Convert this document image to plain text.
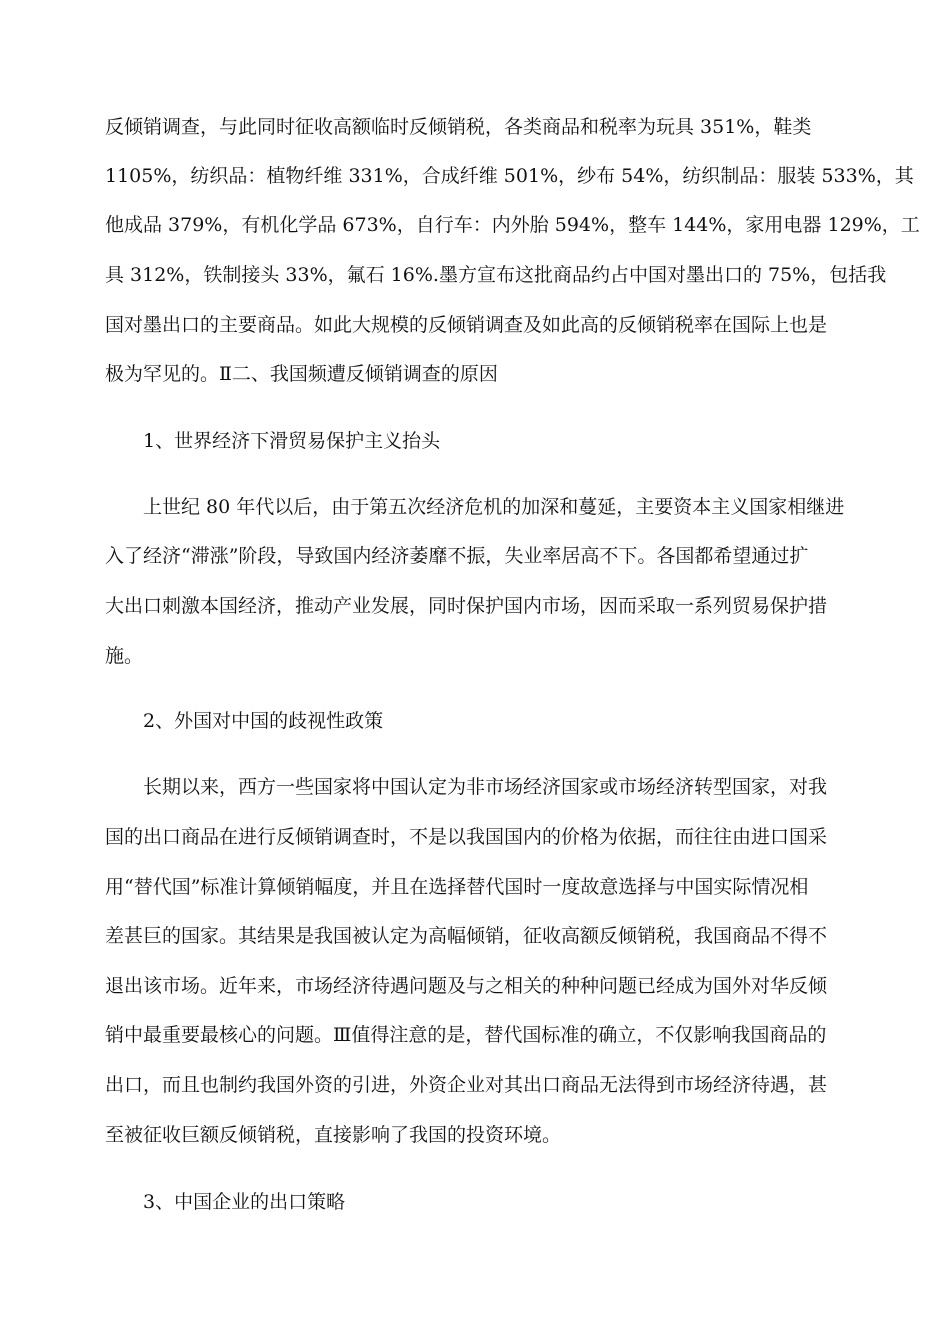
反倾销调查，与此同时征收高额临时反倾销税，各类商品和税率为玩具 351%，鞋类
1105%，纺织品：植物纤维 331%，合成纤维 501%，纱布 54%，纺织制品：服装 533%，其
他成品 379%，有机化学品 673%，自行车：内外胎 594%，整车 144%，家用电器 129%，工
具 312%，铁制接头 33%，氟石 16%.墨方宣布这批商品约占中国对墨出口的 75%，包括我
国对墨出口的主要商品。如此大规模的反倾销调查及如此高的反倾销税率在国际上也是
极为罕见的。Ⅱ二、我国频遭反倾销调查的原因
1、世界经济下滑贸易保护主义抬头
上世纪 80 年代以后，由于第五次经济危机的加深和蔓延，主要资本主义国家相继进
入了经济“滞涨”阶段，导致国内经济萎靡不振，失业率居高不下。各国都希望通过扩
大出口刺激本国经济，推动产业发展，同时保护国内市场，因而采取一系列贸易保护措
施。
2、外国对中国的歧视性政策
长期以来，西方一些国家将中国认定为非市场经济国家或市场经济转型国家，对我
国的出口商品在进行反倾销调查时，不是以我国国内的价格为依据，而往往由进口国采
用“替代国”标准计算倾销幅度，并且在选择替代国时一度故意选择与中国实际情况相
差甚巨的国家。其结果是我国被认定为高幅倾销，征收高额反倾销税，我国商品不得不
退出该市场。近年来，市场经济待遇问题及与之相关的种种问题已经成为国外对华反倾
销中最重要最核心的问题。Ⅲ值得注意的是，替代国标准的确立，不仅影响我国商品的
出口，而且也制约我国外资的引进，外资企业对其出口商品无法得到市场经济待遇，甚
至被征收巨额反倾销税，直接影响了我国的投资环境。
3、中国企业的出口策略
